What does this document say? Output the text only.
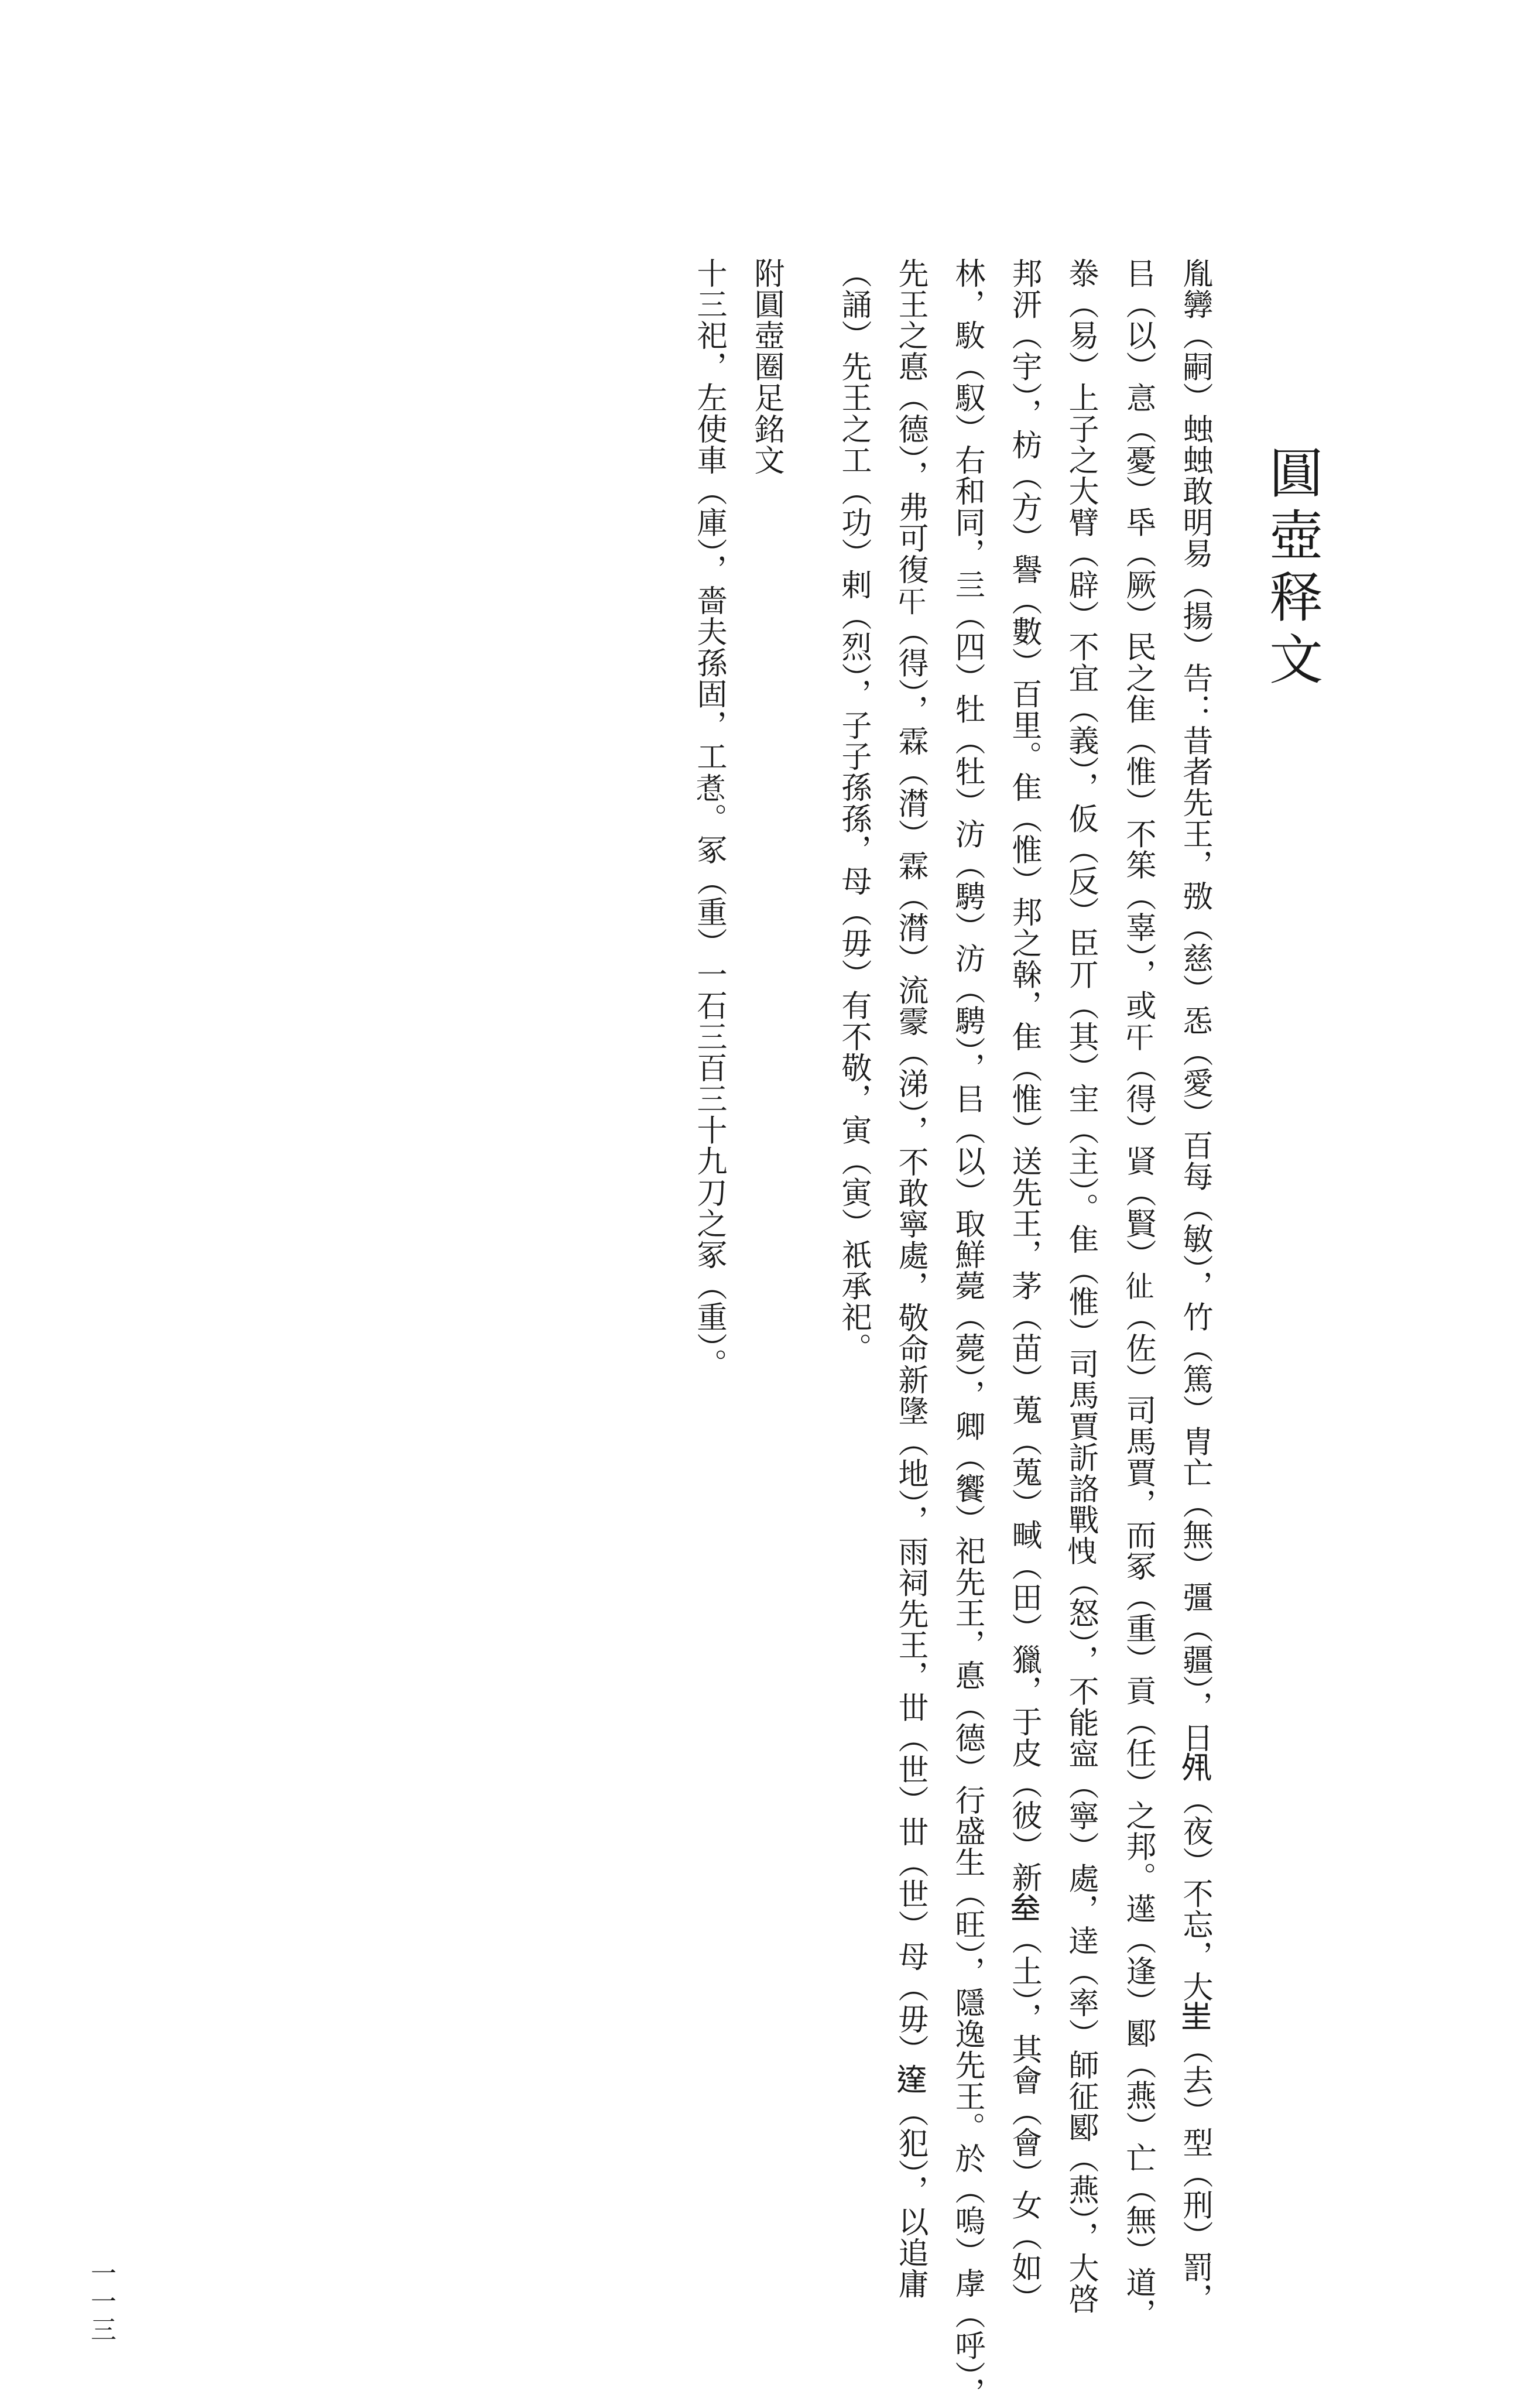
圓壺释文
胤㝈（嗣）䖵䖵敢明易（揚）告：昔者先王，㢸（慈）㤅（愛）百每（敏），竹（篤）胄亡（無）彊（疆），日𡖊（夜）不忘，大𡉚（去）型（刑）罰，
㠯（以）悥（憂）氒（厥）民之隹（惟）不䇬（辜），或𡕒（得）䝨（賢）𢓊（佐）司馬賈，而冢（重）貢（任）之邦。遳（逢）郾（燕）亡（無）道，
𣳾（易）上子之大臂（辟）不宜（義），仮（反）臣丌（其）宔（主）。隹（惟）司馬賈訢詻戰𢘽（怒），不能寍（寧）處，逹（率）師征郾（燕），大啓
邦汧（宇），枋（方）譽（數）百里。隹（惟）邦之榦，隹（惟）送先王，茅（苗）蒐（蒐）㽣（田）獵，于皮（彼）新𡊄（土），其會（會）女（如）
林，駇（馭）右和同，亖（四）牡（牡）汸（騁）汸（騁），㠯（以）取鮮薨（薨），卿（饗）祀先王，悳（德）行盛生（旺），隱逸先王。於（嗚）虖（呼），
先王之悳（德），弗可復𡕒（得），霖（潸）霖（潸）流霥（涕），不敢寧處，敬命新墬（地），雨祠先王，丗（世）丗（世）母（毋）𨔶（犯），以追庸
（誦）先王之工（功）剌（烈），子子孫孫，母（毋）有不敬，寅（寅）祇承祀。
附圓壺圈足銘文
十三祀，左使車（庫），嗇夫孫固，工𢝬。冢（重）一石三百三十九刀之冢（重）。
一一三
